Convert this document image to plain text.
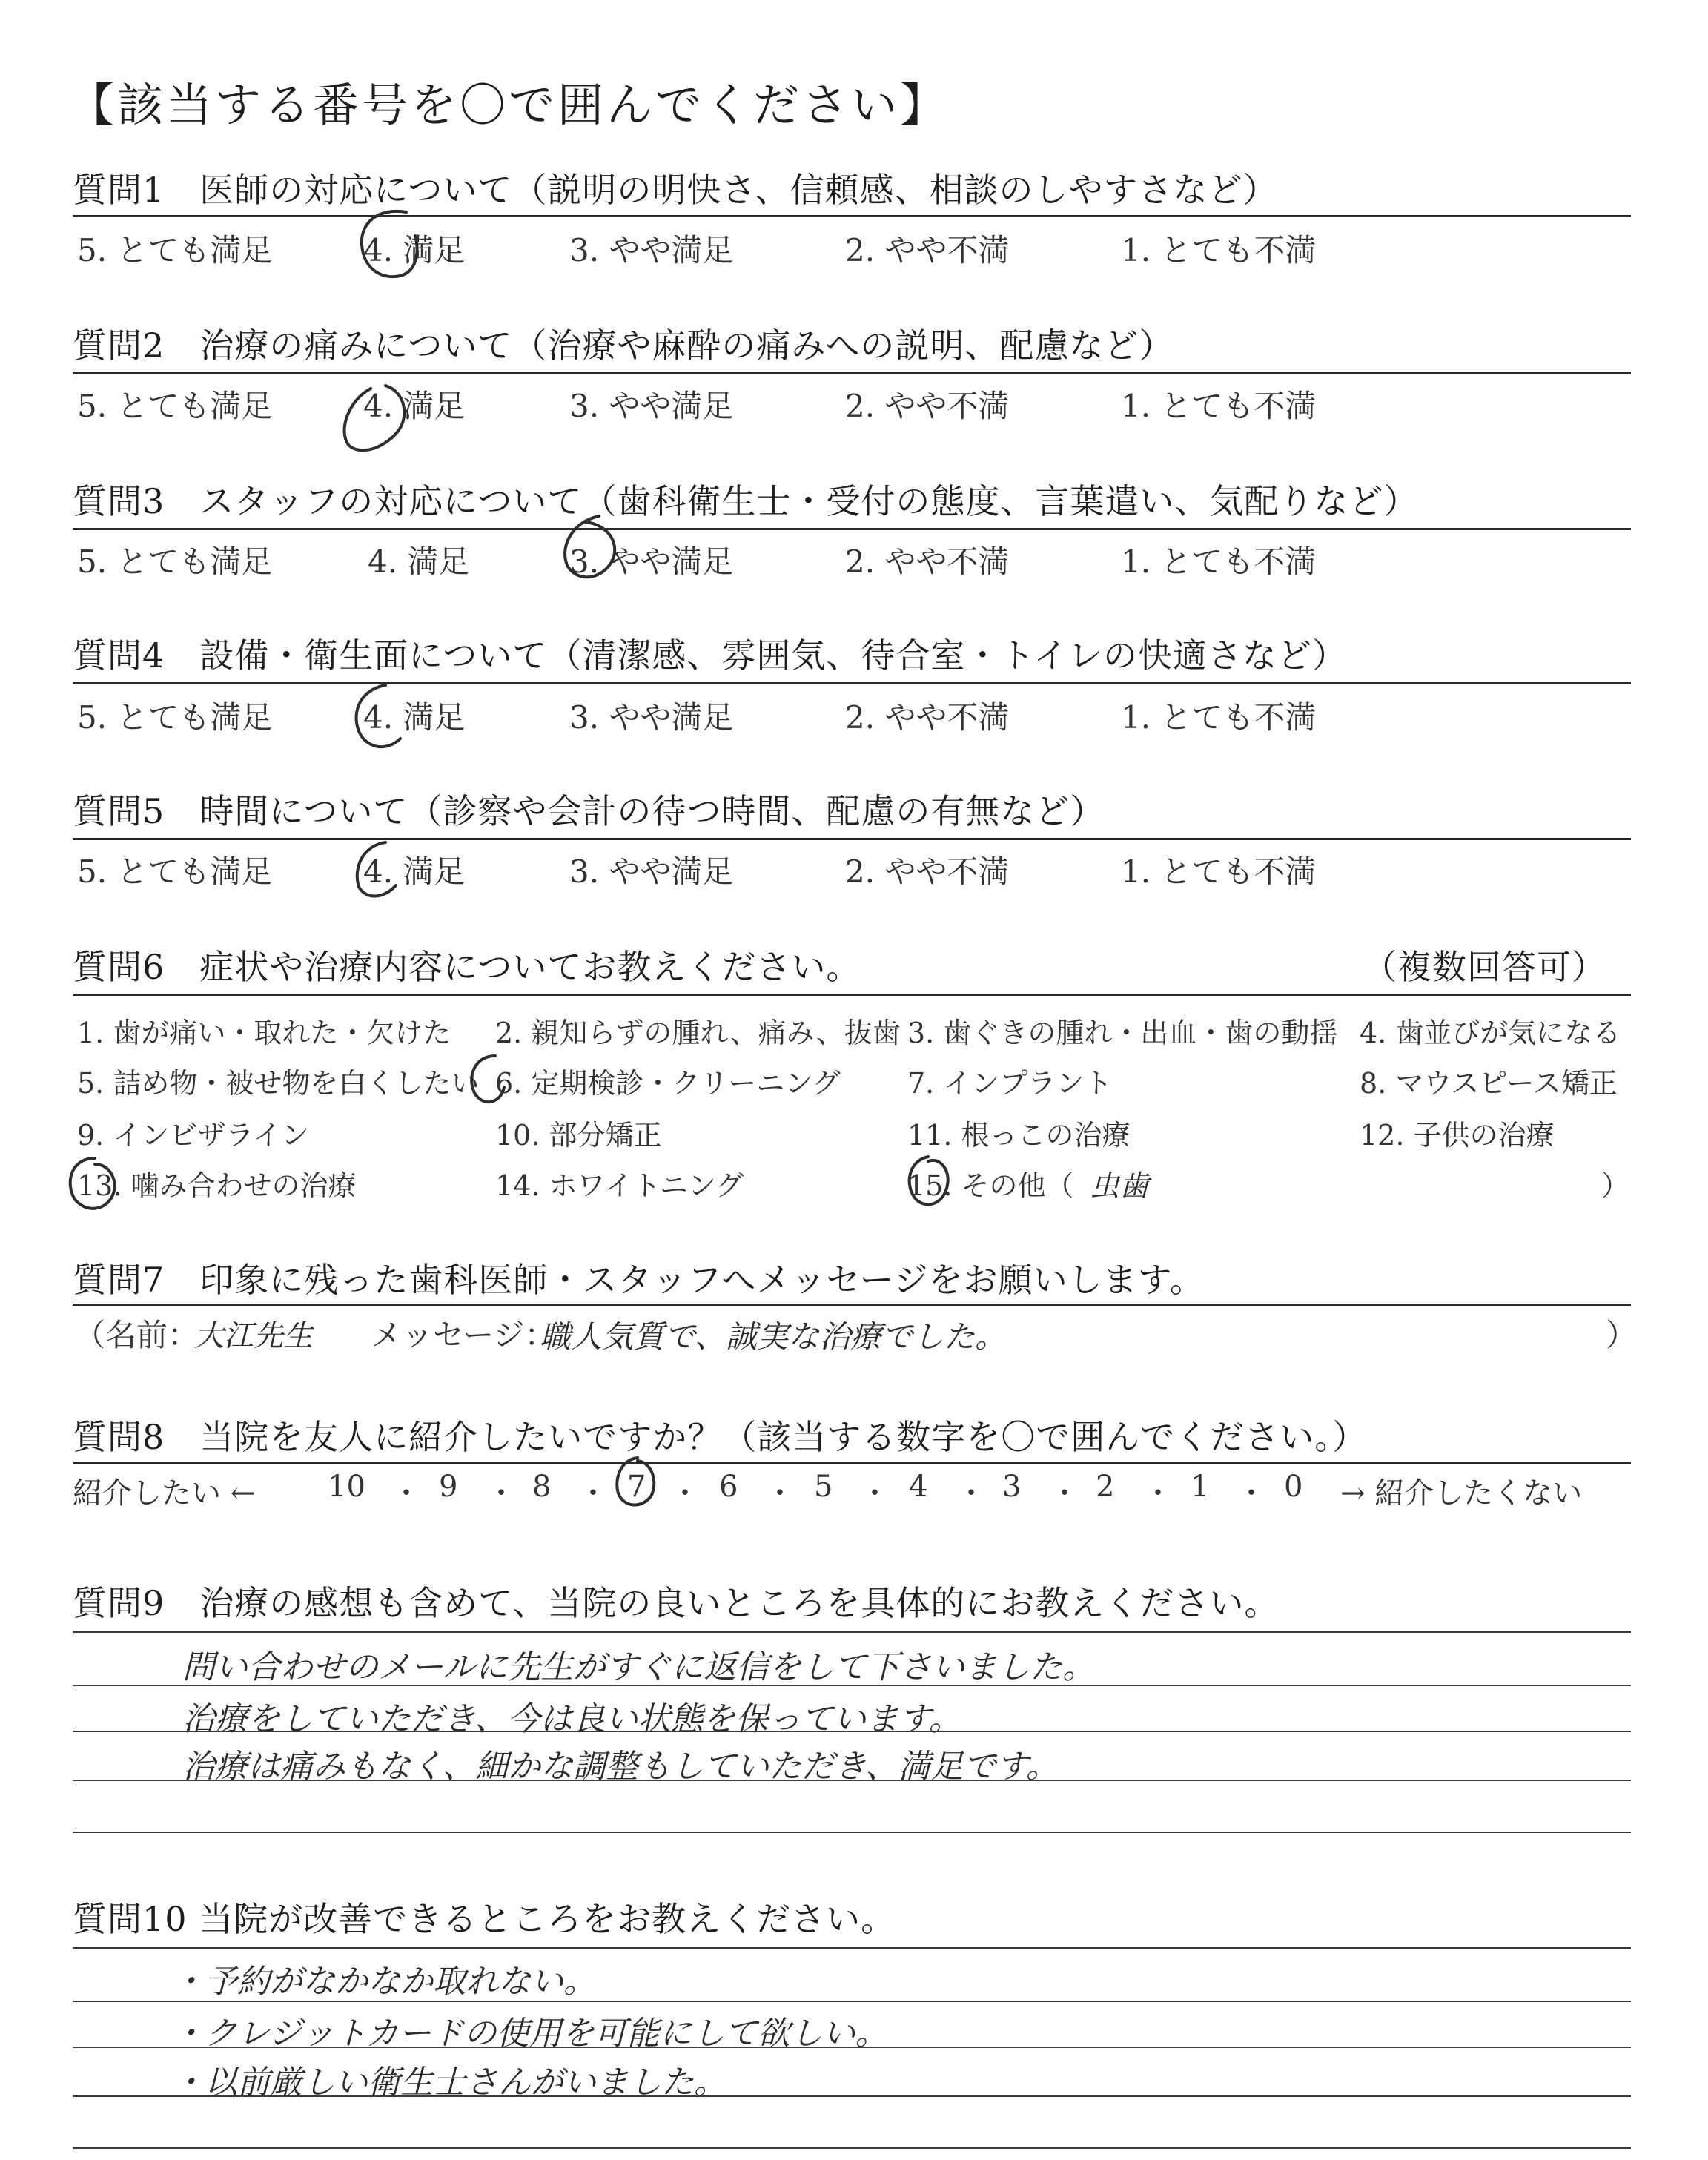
【該当する番号を〇で囲んでください】
質問1　医師の対応について（説明の明快さ、信頼感、相談のしやすさなど）
5. とても満足	4. 満足	3. やや満足	2. やや不満	1. とても不満
質問2　治療の痛みについて（治療や麻酔の痛みへの説明、配慮など）
5. とても満足	4. 満足	3. やや満足	2. やや不満	1. とても不満
質問3　スタッフの対応について（歯科衛生士・受付の態度、言葉遣い、気配りなど）
5. とても満足	4. 満足	3. やや満足	2. やや不満	1. とても不満
質問4　設備・衛生面について（清潔感、雰囲気、待合室・トイレの快適さなど）
5. とても満足	4. 満足	3. やや満足	2. やや不満	1. とても不満
質問5　時間について（診察や会計の待つ時間、配慮の有無など）
5. とても満足	4. 満足	3. やや満足	2. やや不満	1. とても不満
質問6　症状や治療内容についてお教えください。	（複数回答可）
1. 歯が痛い・取れた・欠けた 2. 親知らずの腫れ、痛み、抜歯 3. 歯ぐきの腫れ・出血・歯の動揺 4. 歯並びが気になる
5. 詰め物・被せ物を白くしたい 6. 定期検診・クリーニング 7. インプラント	8. マウスピース矯正
9. インビザライン	10. 部分矯正	11. 根っこの治療	12. 子供の治療
13. 噛み合わせの治療	14. ホワイトニング	15. その他（ 虫歯	）
質問7　印象に残った歯科医師・スタッフへメッセージをお願いします。
（名前：
大江先生 メッセージ：
職人気質で、誠実な治療でした。	）
質問8　当院を友人に紹介したいですか？（該当する数字を〇で囲んでください。）
紹介したい ←	→ 紹介したくない
10 ・ 9 ・ 8 ・ 7 ・ 6 ・ 5 ・ 4 ・ 3 ・ 2 ・ 1 ・ 0
質問9　治療の感想も含めて、当院の良いところを具体的にお教えください。
問い合わせのメールに先生がすぐに返信をして下さいました。
治療をしていただき、今は良い状態を保っています。
治療は痛みもなく、細かな調整もしていただき、満足です。
質問10 当院が改善できるところをお教えください。
・予約がなかなか取れない。
・クレジットカードの使用を可能にして欲しい。
・以前厳しい衛生士さんがいました。
